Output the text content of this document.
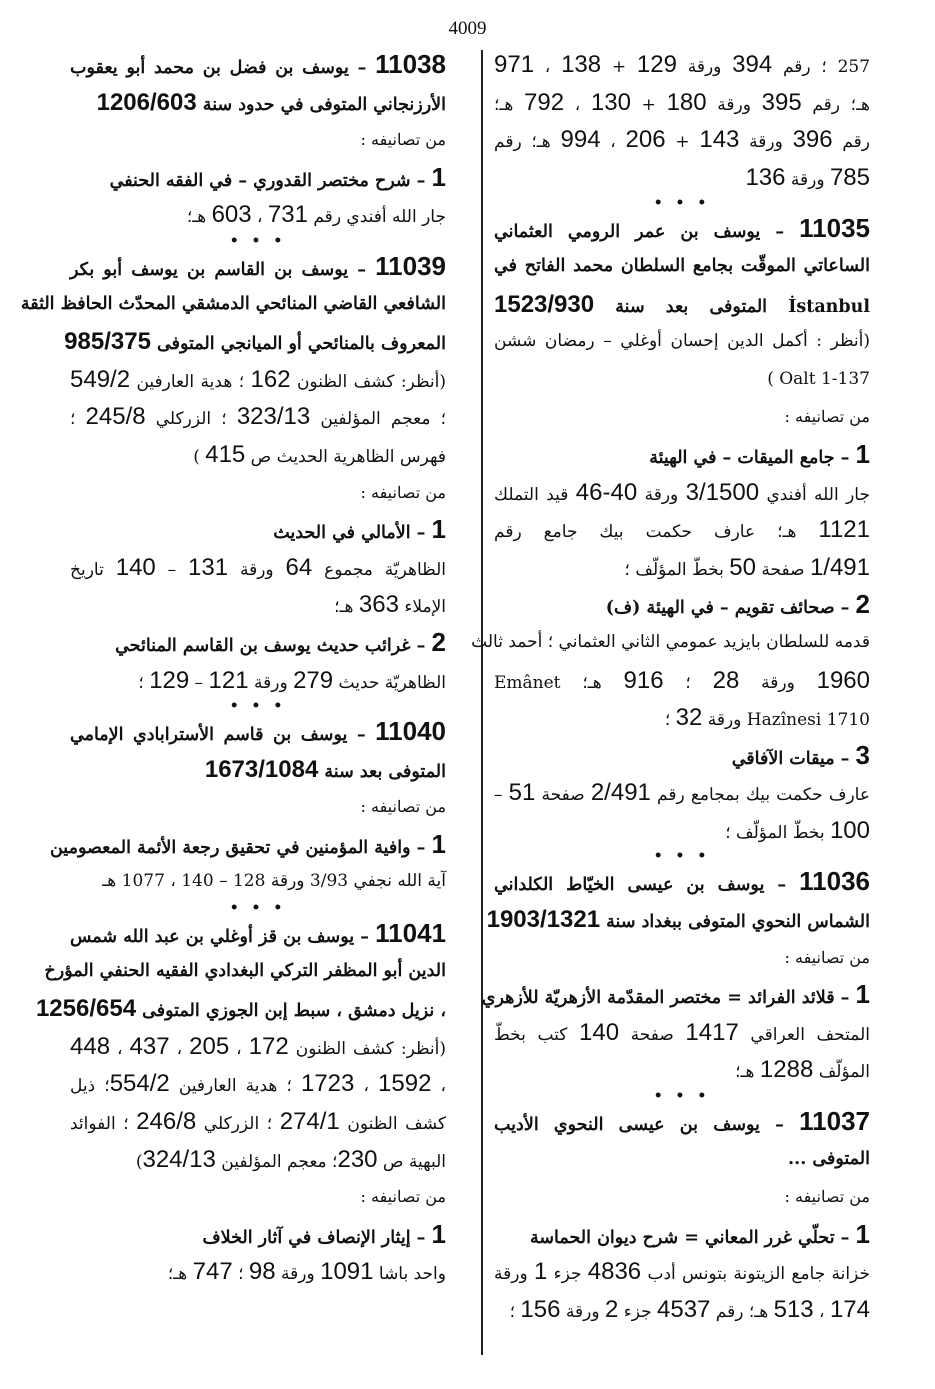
4009
257 ؛ رقم 394 ورقة 129 + 138 ، 971
هـ؛ رقم 395 ورقة 180 + 130 ، 792 هـ؛
رقم 396 ورقة 143 + 206 ، 994 هـ؛ رقم
785 ورقة 136
• • •
11035 – يوسف بن عمر الرومي العثماني
الساعاتي الموقّت بجامع السلطان محمد الفاتح في
İstanbul المتوفى بعد سنة 1523/930
(أنظر : أكمل الدين إحسان أوغلي – رمضان ششن
Oalt 1-137 )
من تصانيفه :
1 – جامع الميقات – في الهيئة
جار الله أفندي 3/1500 ورقة 40-46 قيد التملك
1121 هـ؛ عارف حكمت بيك جامع رقم
1/491 صفحة 50 بخطّ المؤلّف ؛
2 – صحائف تقويم – في الهيئة (ف)
قدمه للسلطان بايزيد عمومي الثاني العثماني ؛ أحمد ثالث
1960 ورقة 28 ؛ 916 هـ؛ Emânet
Hazînesi 1710 ورقة 32 ؛
3 – ميقات الآفاقي
عارف حكمت بيك بمجامع رقم 2/491 صفحة 51 –
100 بخطّ المؤلّف ؛
• • •
11036 – يوسف بن عيسى الخيّاط الكلداني
الشماس النحوي المتوفى ببغداد سنة 1903/1321
من تصانيفه :
1 – قلائد الفرائد = مختصر المقدّمة الأزهريّة للأزهري
المتحف العراقي 1417 صفحة 140 كتب بخطّ
المؤلّف 1288 هـ؛
• • •
11037 – يوسف بن عيسى النحوي الأديب
المتوفى ...
من تصانيفه :
1 – تحلّي غرر المعاني = شرح ديوان الحماسة
خزانة جامع الزيتونة بتونس أدب 4836 جزء 1 ورقة
174 ، 513 هـ؛ رقم 4537 جزء 2 ورقة 156 ؛
11038 – يوسف بن فضل بن محمد أبو يعقوب
الأرزنجاني المتوفى في حدود سنة 1206/603
من تصانيفه :
1 – شرح مختصر القدوري – في الفقه الحنفي
جار الله أفندي رقم 731 ، 603 هـ؛
• • •
11039 – يوسف بن القاسم بن يوسف أبو بكر
الشافعي القاضي المنائحي الدمشقي المحدّث الحافظ الثقة
المعروف بالمنائحي أو الميانجي المتوفى 985/375
(أنظر: كشف الظنون 162 ؛ هدية العارفين 549/2
؛ معجم المؤلفين 323/13 ؛ الزركلي 245/8 ؛
فهرس الظاهرية الحديث ص 415 )
من تصانيفه :
1 – الأمالي في الحديث
الظاهريّة مجموع 64 ورقة 131 – 140 تاريخ
الإملاء 363 هـ؛
2 – غرائب حديث يوسف بن القاسم المنائحي
الظاهريّة حديث 279 ورقة 121 – 129 ؛
• • •
11040 – يوسف بن قاسم الأسترابادي الإمامي
المتوفى بعد سنة 1673/1084
من تصانيفه :
1 – وافية المؤمنين في تحقيق رجعة الأئمة المعصومين
آية الله نجفي 3/93 ورقة 128 – 140 ، 1077 هـ
• • •
11041 – يوسف بن قز أوغلي بن عبد الله شمس
الدين أبو المظفر التركي البغدادي الفقيه الحنفي المؤرخ
، نزيل دمشق ، سبط إبن الجوزي المتوفى 1256/654
(أنظر: كشف الظنون 172 ، 205 ، 437 ، 448
، 1592 ، 1723 ؛ هدية العارفين 554/2؛ ذيل
كشف الظنون 274/1 ؛ الزركلي 246/8 ؛ الفوائد
البهية ص 230؛ معجم المؤلفين 324/13)
من تصانيفه :
1 – إيثار الإنصاف في آثار الخلاف
واحد باشا 1091 ورقة 98 ؛ 747 هـ؛
